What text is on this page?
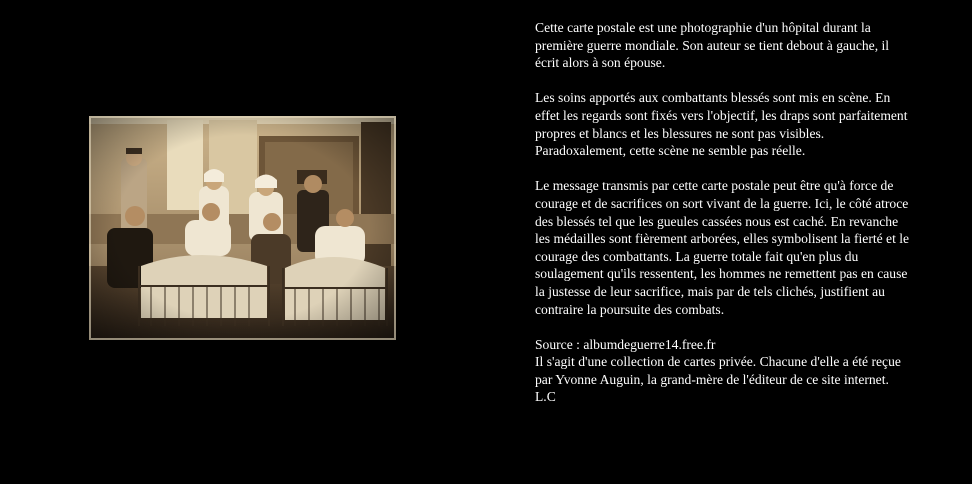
Cette carte postale est une photographie d'un hôpital durant la
première guerre mondiale. Son auteur se tient debout à gauche, il
écrit alors à son épouse.

Les soins apportés aux combattants blessés sont mis en scène. En
effet les regards sont fixés vers l'objectif, les draps sont parfaitement
propres et blancs et les blessures ne sont pas visibles.
Paradoxalement, cette scène ne semble pas réelle.

Le message transmis par cette carte postale peut être qu'à force de
courage et de sacrifices on sort vivant de la guerre. Ici, le côté atroce
des blessés tel que les gueules cassées nous est caché. En revanche
les médailles sont fièrement arborées, elles symbolisent la fierté et le
courage des combattants. La guerre totale fait qu'en plus du
soulagement qu'ils ressentent, les hommes ne remettent pas en cause
la justesse de leur sacrifice, mais par de tels clichés, justifient au
contraire la poursuite des combats.

Source : albumdeguerre14.free.fr
Il s'agit d'une collection de cartes privée. Chacune d'elle a été reçue
par Yvonne Auguin, la grand-mère de l'éditeur de ce site internet.
L.C
